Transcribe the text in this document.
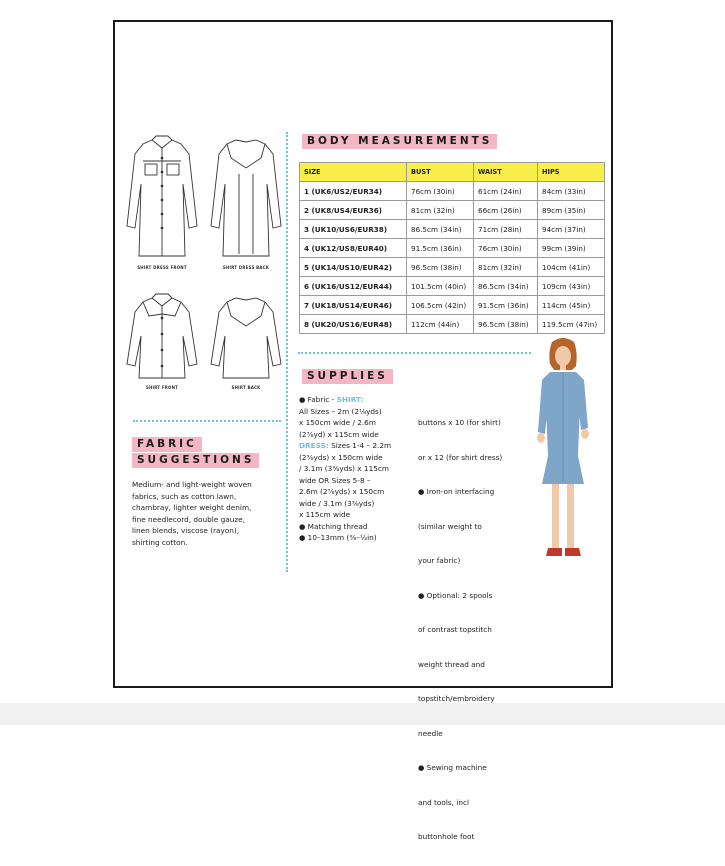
SHIRT DRESS FRONT	SHIRT DRESS BACK
SHIRT FRONT	SHIRT BACK
BODY MEASUREMENTS
SIZE	BUST	WAIST	HIPS
1 (UK6/US2/EUR34)	76cm (30in)	61cm (24in)	84cm (33in)
2 (UK8/US4/EUR36)	81cm (32in)	66cm (26in)	89cm (35in)
3 (UK10/US6/EUR38)	86.5cm (34in)	71cm (28in)	94cm (37in)
4 (UK12/US8/EUR40)	91.5cm (36in)	76cm (30in)	99cm (39in)
5 (UK14/US10/EUR42)	96.5cm (38in)	81cm (32in)	104cm (41in)
6 (UK16/US12/EUR44)	101.5cm (40in)	86.5cm (34in)	109cm (43in)
7 (UK18/US14/EUR46)	106.5cm (42in)	91.5cm (36in)	114cm (45in)
8 (UK20/US16/EUR48)	112cm (44in)	96.5cm (38in)	119.5cm (47in)
SUPPLIES
● Fabric - SHIRT:
All Sizes – 2m (2⅛yds)
x 150cm wide / 2.6m
(2⅞yd) x 115cm wide
DRESS: Sizes 1-4 – 2.2m
(2⅜yds) x 150cm wide
/ 3.1m (3⅜yds) x 115cm
wide OR Sizes 5-8 –
2.6m (2⅞yds) x 150cm
wide / 3.1m (3⅜yds)
x 115cm wide
● Matching thread
● 10–13mm (⅜–½in)

buttons x 10 (for shirt)

or x 12 (for shirt dress)

● Iron-on interfacing

(similar weight to

your fabric)

● Optional: 2 spools

of contrast topstitch

weight thread and

topstitch/embroidery

needle

● Sewing machine

and tools, incl

buttonhole foot

FABRIC
SUGGESTIONS
Medium- and light-weight woven
fabrics, such as cotton lawn,
chambray, lighter weight denim,
fine needlecord, double gauze,
linen blends, viscose (rayon),
shirting cotton.
